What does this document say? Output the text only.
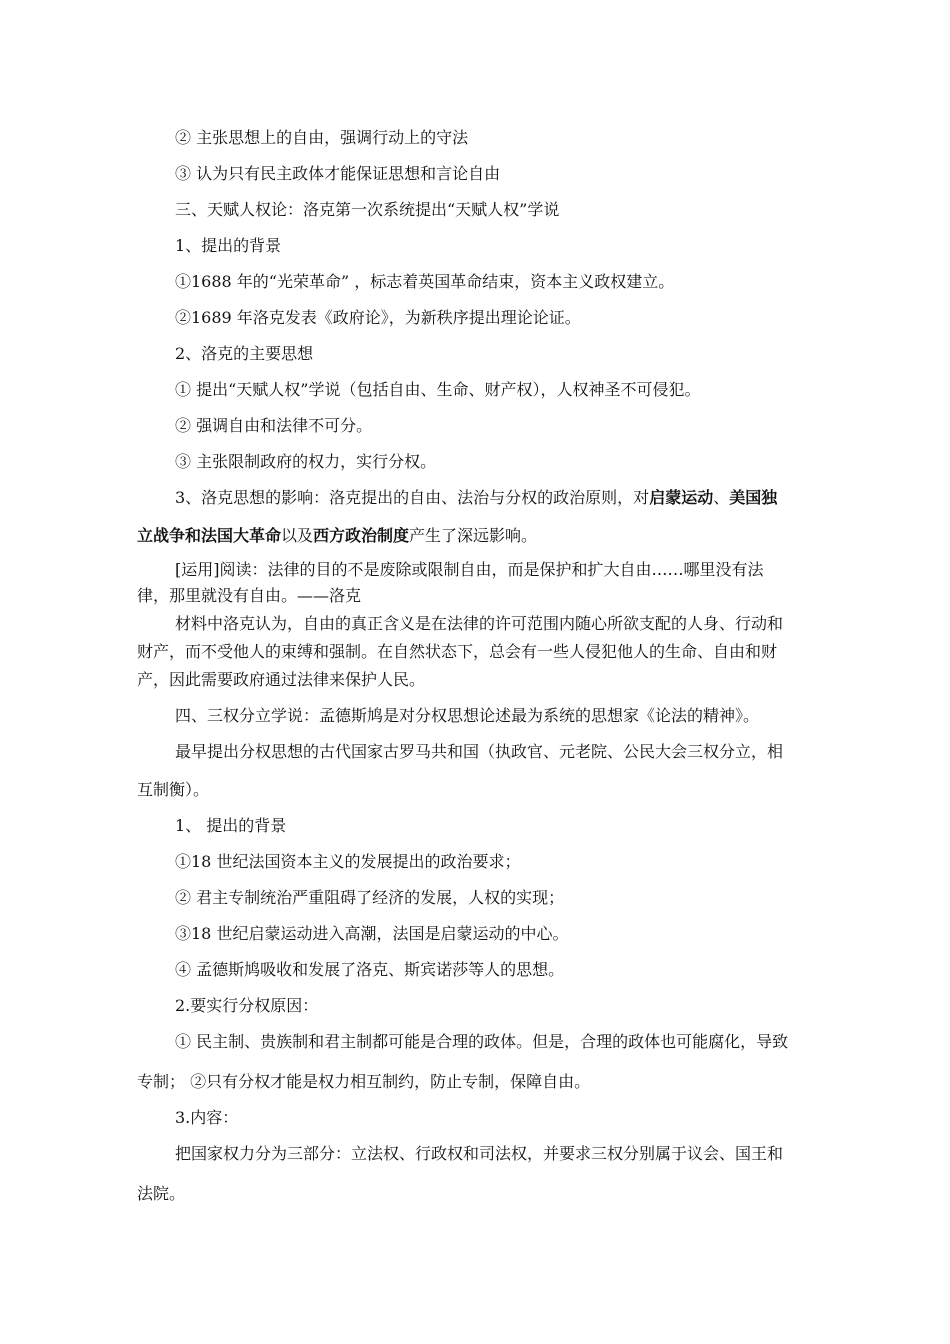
② 主张思想上的自由，强调行动上的守法
③ 认为只有民主政体才能保证思想和言论自由
三、天赋人权论：洛克第一次系统提出“天赋人权”学说
1、提出的背景
①1688 年的“光荣革命” ，标志着英国革命结束，资本主义政权建立。
②1689 年洛克发表《政府论》，为新秩序提出理论论证。
2、洛克的主要思想
① 提出“天赋人权”学说（包括自由、生命、财产权），人权神圣不可侵犯。
② 强调自由和法律不可分。
③ 主张限制政府的权力，实行分权。
3、洛克思想的影响：洛克提出的自由、法治与分权的政治原则，对启蒙运动、美国独
立战争和法国大革命以及西方政治制度产生了深远影响。
[运用]阅读：法律的目的不是废除或限制自由，而是保护和扩大自由‥‥‥哪里没有法
律，那里就没有自由。——洛克
材料中洛克认为，自由的真正含义是在法律的许可范围内随心所欲支配的人身、行动和
财产，而不受他人的束缚和强制。在自然状态下，总会有一些人侵犯他人的生命、自由和财
产，因此需要政府通过法律来保护人民。
四、三权分立学说：孟德斯鸠是对分权思想论述最为系统的思想家《论法的精神》。
最早提出分权思想的古代国家古罗马共和国（执政官、元老院、公民大会三权分立，相
互制衡）。
1、 提出的背景
①18 世纪法国资本主义的发展提出的政治要求；
② 君主专制统治严重阻碍了经济的发展，人权的实现；
③18 世纪启蒙运动进入高潮，法国是启蒙运动的中心。
④ 孟德斯鸠吸收和发展了洛克、斯宾诺莎等人的思想。
2.要实行分权原因：
① 民主制、贵族制和君主制都可能是合理的政体。但是，合理的政体也可能腐化，导致
专制； ②只有分权才能是权力相互制约，防止专制，保障自由。
3.内容：
把国家权力分为三部分：立法权、行政权和司法权，并要求三权分别属于议会、国王和
法院。
